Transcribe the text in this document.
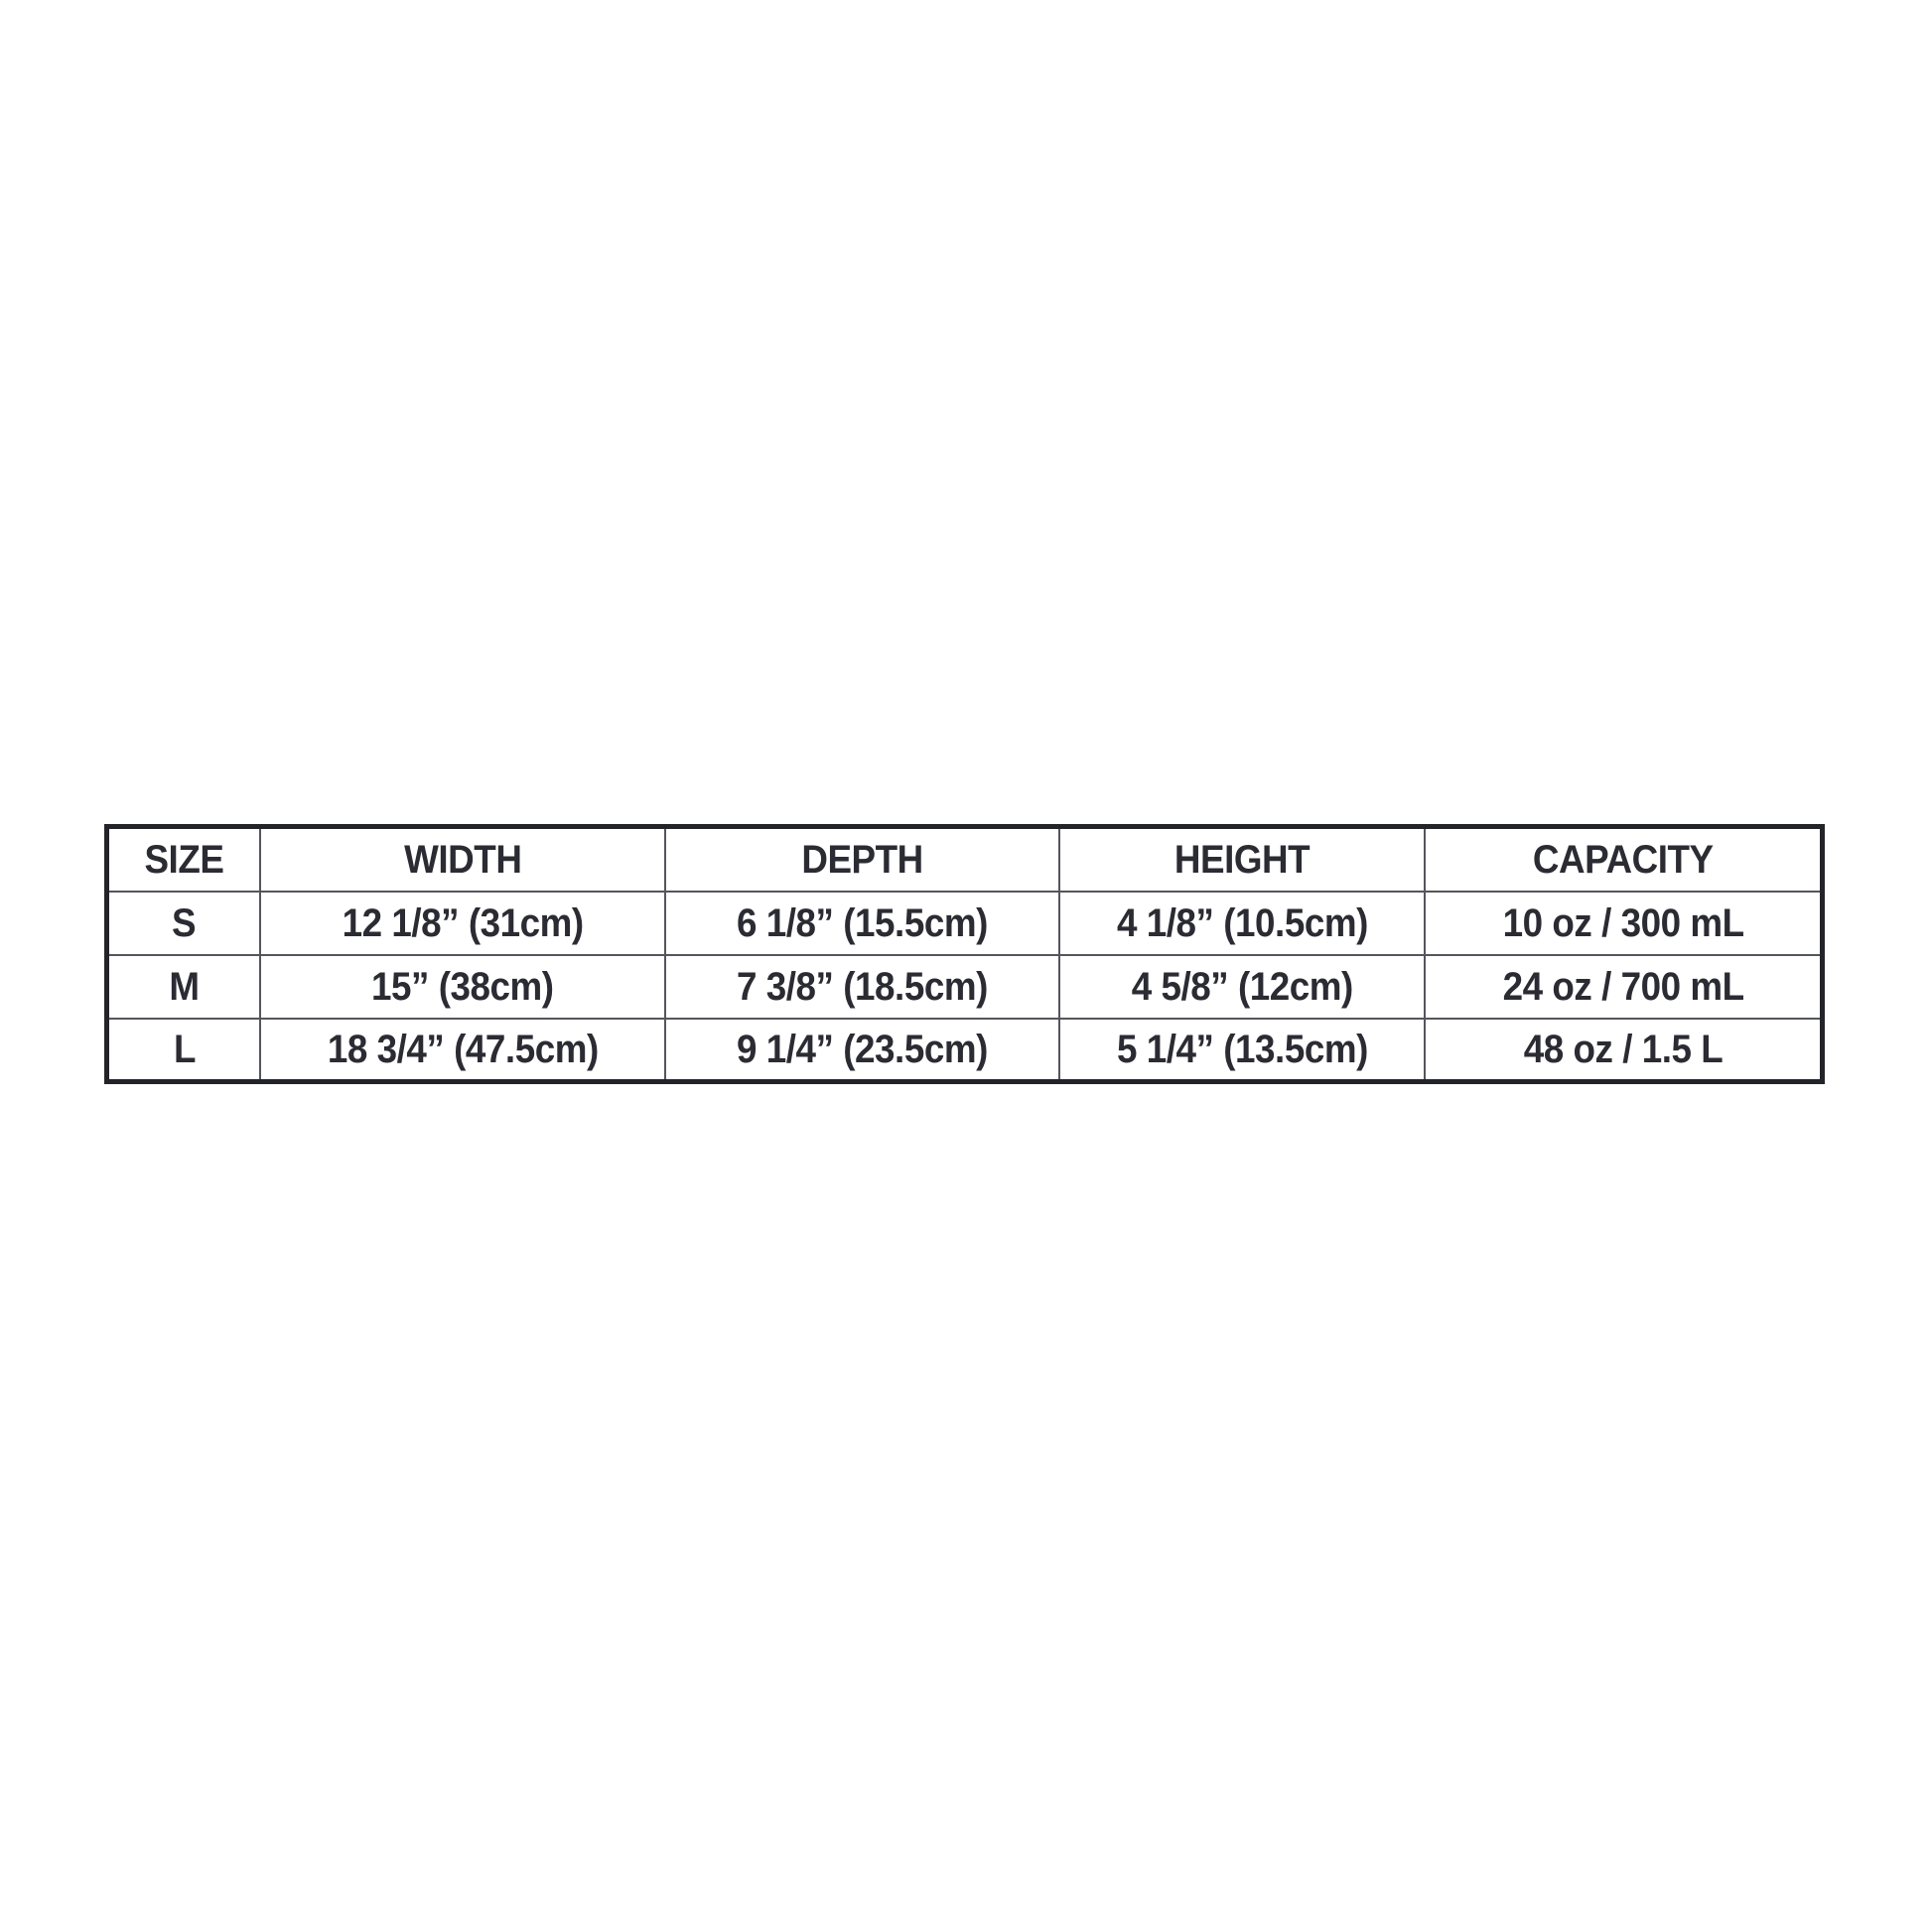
SIZE	WIDTH	DEPTH	HEIGHT	CAPACITY
S	12 1/8” (31cm)	6 1/8” (15.5cm)	4 1/8” (10.5cm)	10 oz / 300 mL
M	15” (38cm)	7 3/8” (18.5cm)	4 5/8” (12cm)	24 oz / 700 mL
L	18 3/4” (47.5cm)	9 1/4” (23.5cm)	5 1/4” (13.5cm)	48 oz / 1.5 L
